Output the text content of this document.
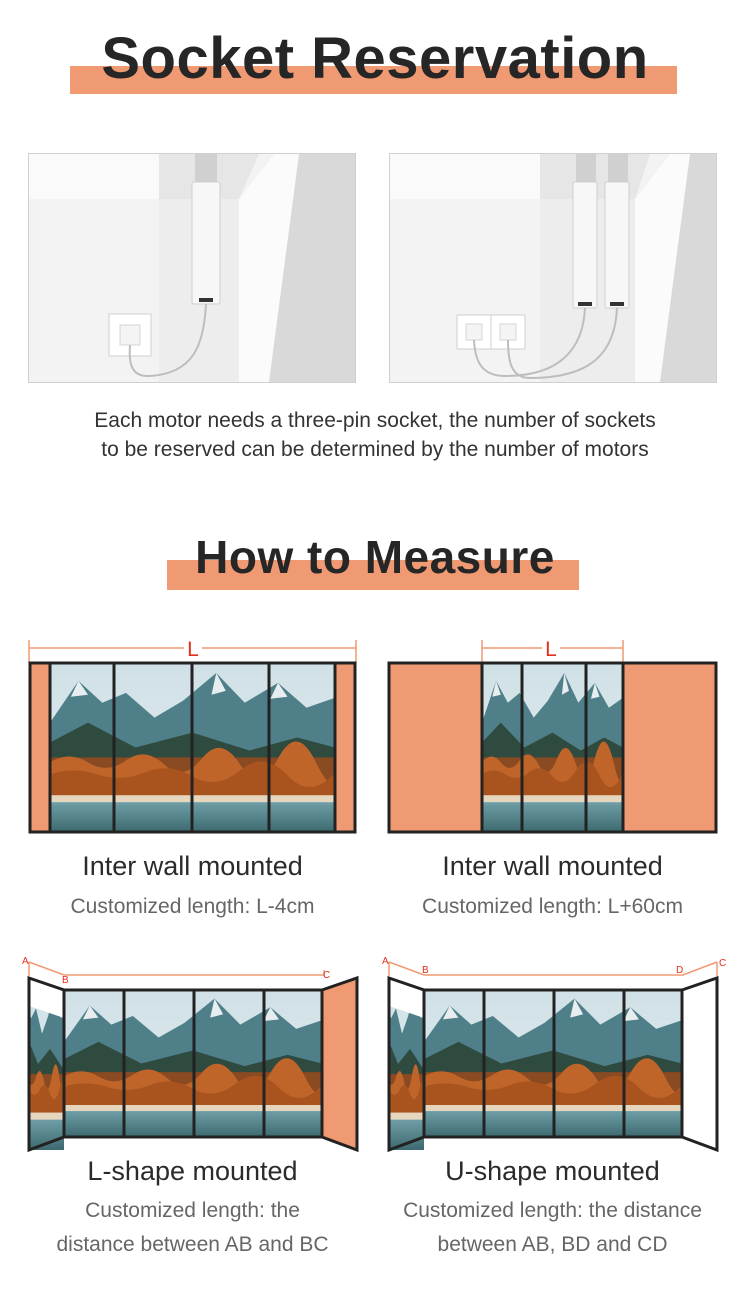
Socket Reservation
Each motor needs a three-pin socket, the number of sockets
to be reserved can be determined by the number of motors
How to Measure
L
Inter wall mounted
Customized length: L-4cm
L
Inter wall mounted
Customized length: L+60cm
A
B	C
L-shape mounted
Customized length: the
distance between AB and BC
A
B	D
C
U-shape mounted
Customized length: the distance
between AB, BD and CD
